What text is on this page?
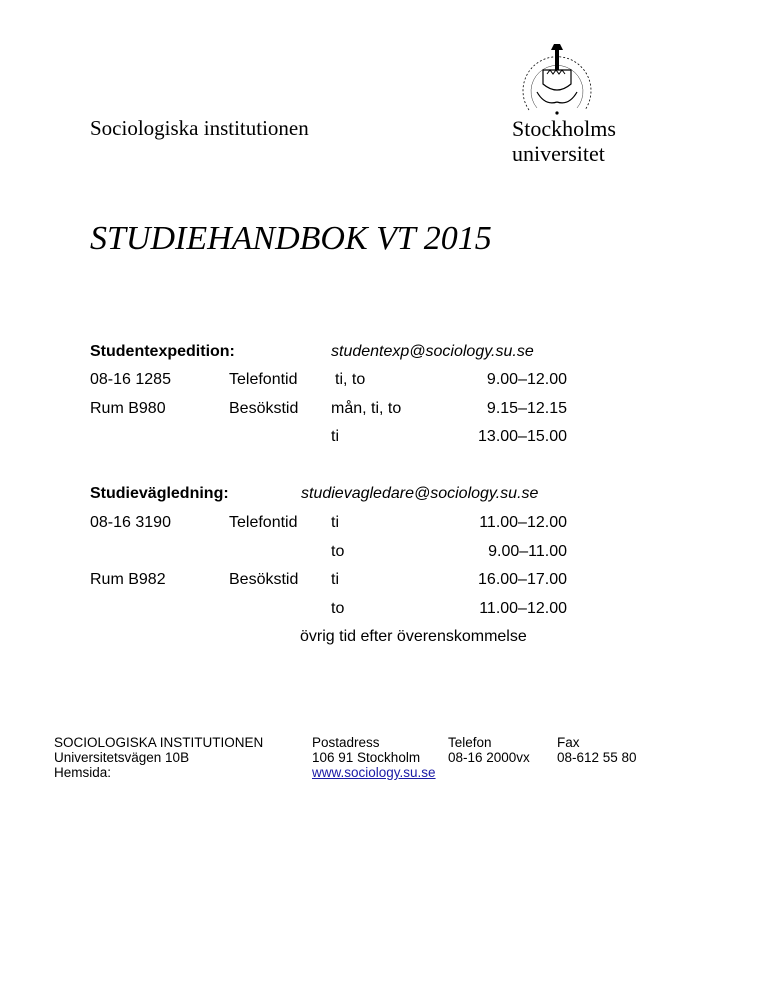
Sociologiska institutionen	Stockholms
universitet
STUDIEHANDBOK VT 2015
Studentexpedition:	studentexp@sociology.su.se
08-16 1285	Telefontid ti, to	9.00–12.00
Rum B980	Besökstid mån, ti, to	9.15–12.15
ti	13.00–15.00
Studievägledning:	studievagledare@sociology.su.se
08-16 3190	Telefontid ti	11.00–12.00
to	9.00–11.00
Rum B982	Besökstid ti	16.00–17.00
to	11.00–12.00
övrig tid efter överenskommelse
SOCIOLOGISKA INSTITUTIONEN
Universitetsvägen 10B
Hemsida:
Postadress
106 91 Stockholm
www.sociology.su.se
Telefon
08-16 2000vx
Fax
08-612 55 80
